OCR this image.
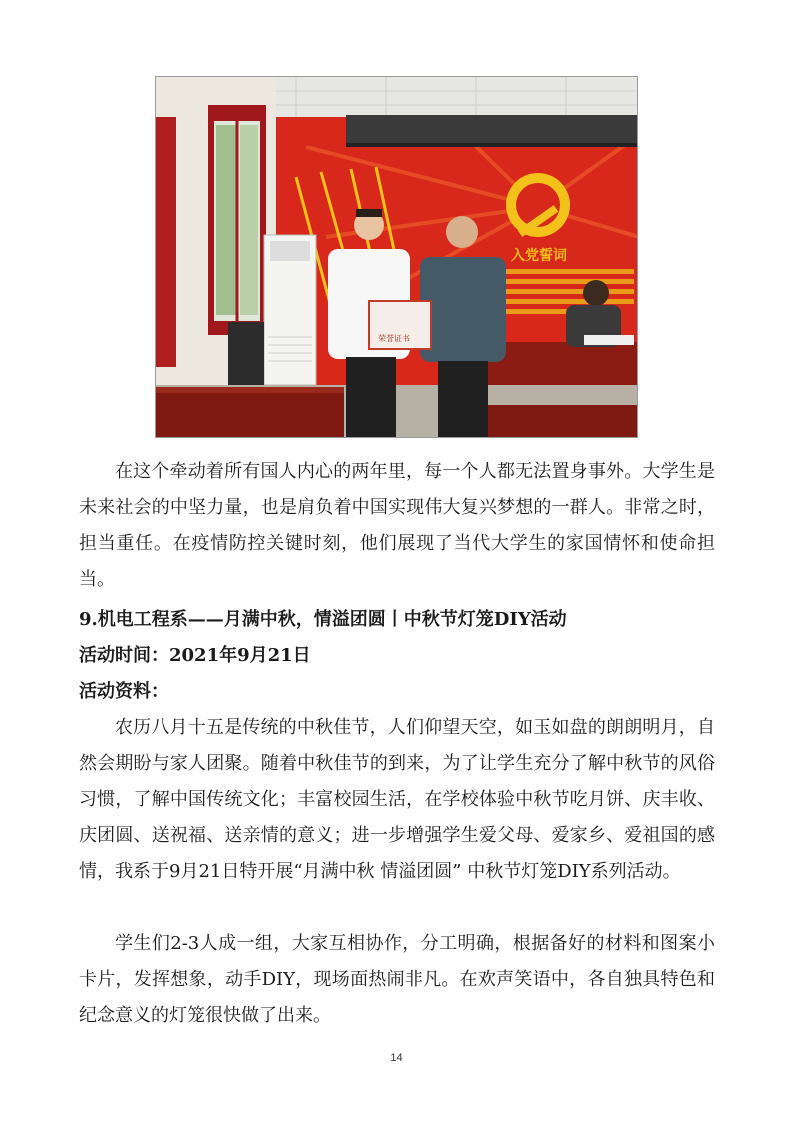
入党誓词
荣誉证书

在这个牵动着所有国人内心的两年里，每一个人都无法置身事外。大学生是未来社会的中坚力量，也是肩负着中国实现伟大复兴梦想的一群人。非常之时，担当重任。在疫情防控关键时刻，他们展现了当代大学生的家国情怀和使命担当。

9.机电工程系——月满中秋，情溢团圆丨中秋节灯笼DIY活动

活动时间：2021年9月21日

活动资料：

农历八月十五是传统的中秋佳节，人们仰望天空，如玉如盘的朗朗明月，自然会期盼与家人团聚。随着中秋佳节的到来，为了让学生充分了解中秋节的风俗习惯，了解中国传统文化；丰富校园生活，在学校体验中秋节吃月饼、庆丰收、庆团圆、送祝福、送亲情的意义；进一步增强学生爱父母、爱家乡、爱祖国的感情，我系于9月21日特开展“月满中秋 情溢团圆” 中秋节灯笼DIY系列活动。

学生们2-3人成一组，大家互相协作，分工明确，根据备好的材料和图案小卡片，发挥想象，动手DIY，现场面热闹非凡。在欢声笑语中，各自独具特色和纪念意义的灯笼很快做了出来。

14
